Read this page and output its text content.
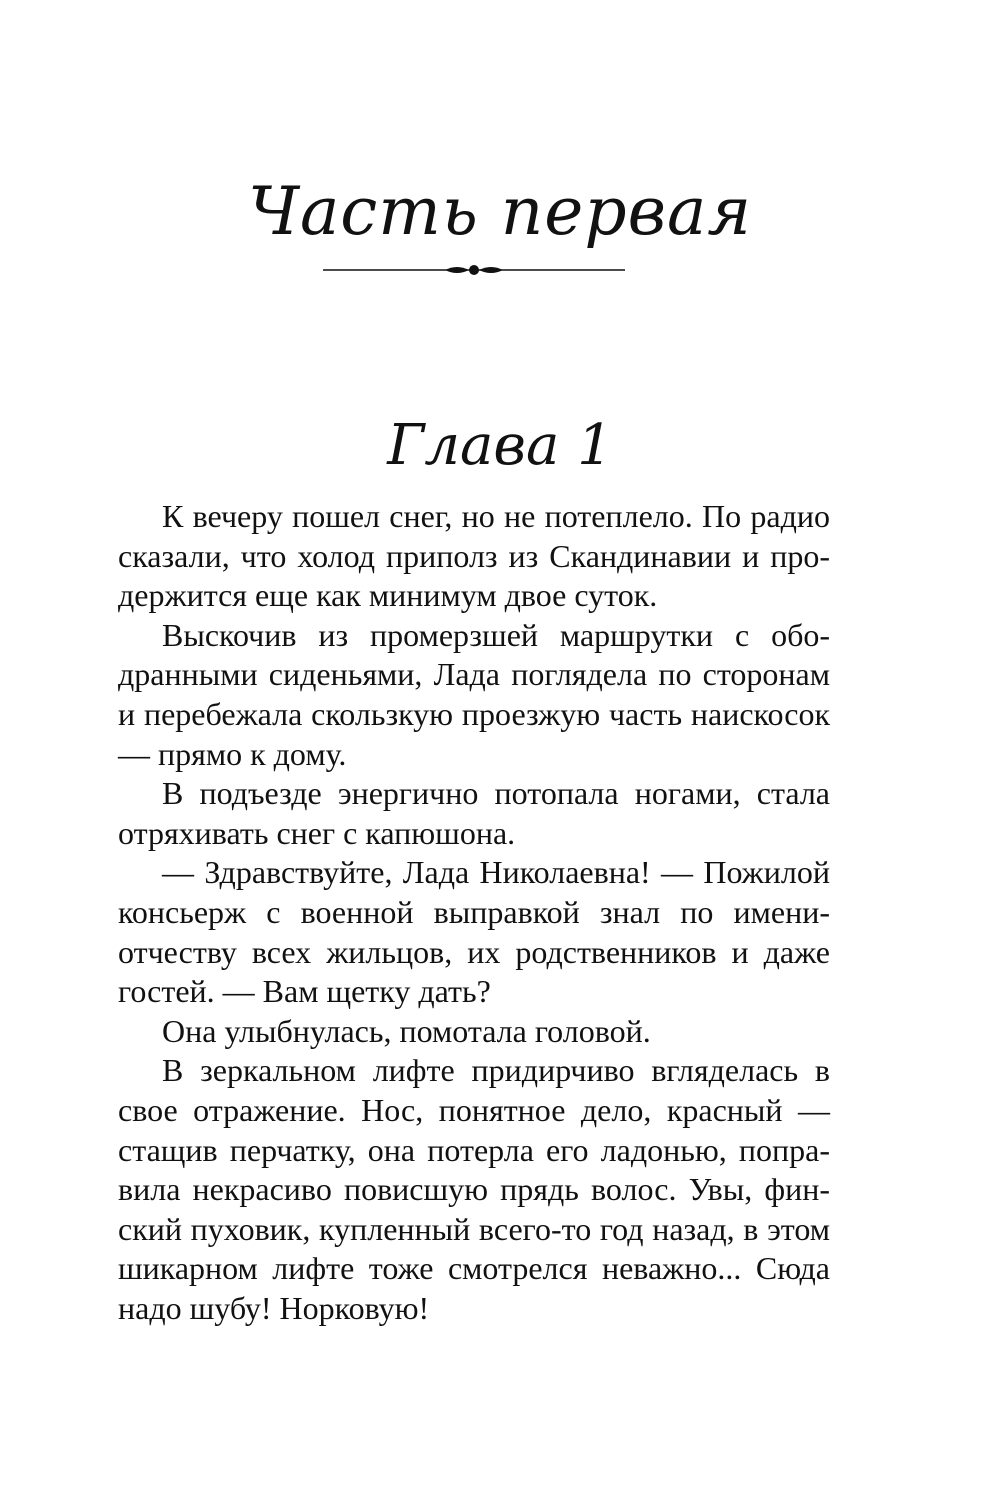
Часть первая
Глава 1

К вечеру пошел снег, но не потеплело. По радио сказали, что холод приполз из Скандинавии и продержится еще как минимум двое суток.

Выскочив из промерзшей маршрутки с ободранными сиденьями, Лада поглядела по сторонам и перебежала скользкую проезжую часть наискосок — прямо к дому.

В подъезде энергично потопала ногами, стала отряхивать снег с капюшона.

— Здравствуйте, Лада Николаевна! — Пожилой консьерж с военной выправкой знал по имени-отчеству всех жильцов, их родственников и даже гостей. — Вам щетку дать?

Она улыбнулась, помотала головой.

В зеркальном лифте придирчиво вгляделась в свое отражение. Нос, понятное дело, красный — стащив перчатку, она потерла его ладонью, поправила некрасиво повисшую прядь волос. Увы, финский пуховик, купленный всего-то год назад, в этом шикарном лифте тоже смотрелся неважно... Сюда надо шубу! Норковую!
